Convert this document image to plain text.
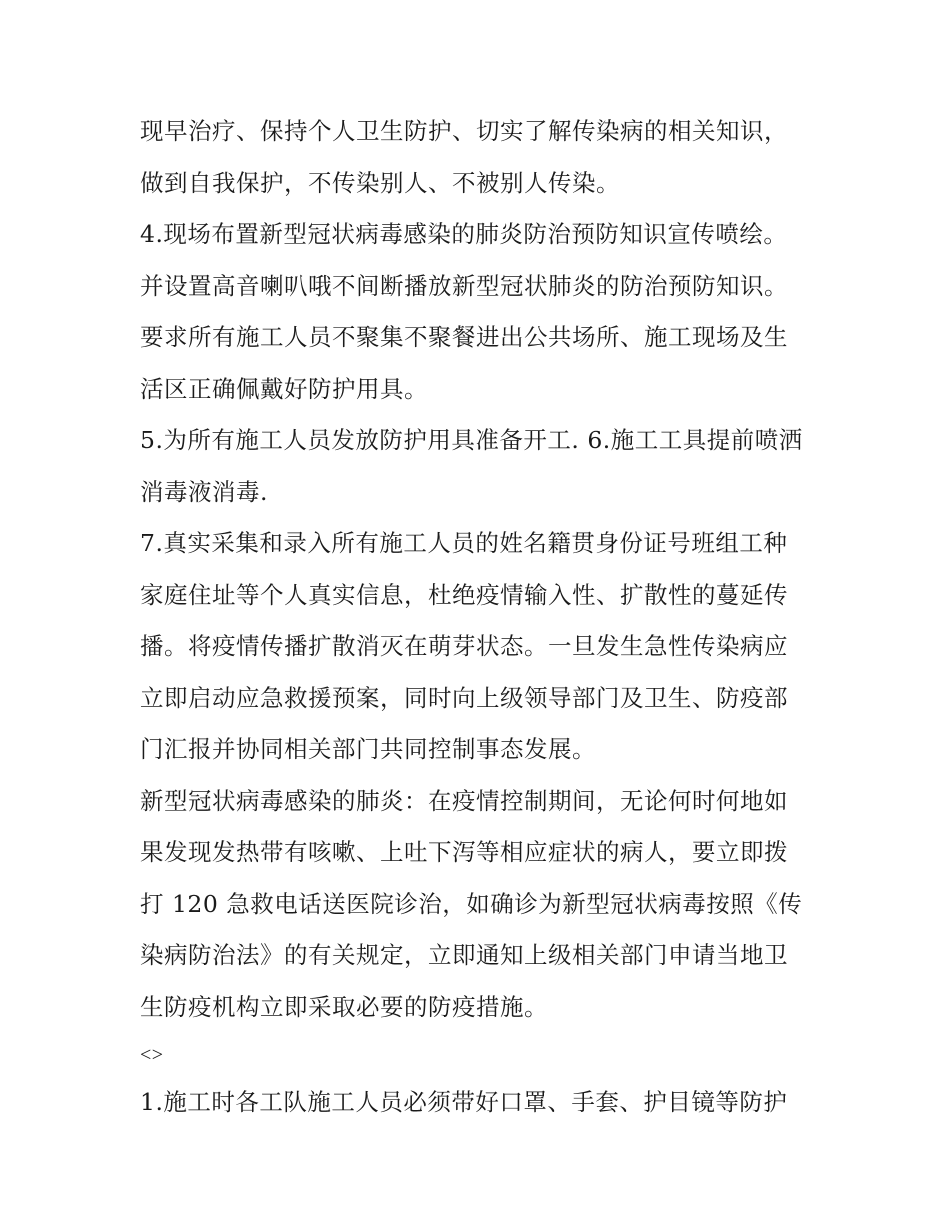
现早治疗、保持个人卫生防护、切实了解传染病的相关知识，
做到自我保护，不传染别人、不被别人传染。
4.现场布置新型冠状病毒感染的肺炎防治预防知识宣传喷绘。
并设置高音喇叭哦不间断播放新型冠状肺炎的防治预防知识。
要求所有施工人员不聚集不聚餐进出公共场所、施工现场及生
活区正确佩戴好防护用具。
5.为所有施工人员发放防护用具准备开工. 6.施工工具提前喷洒
消毒液消毒.
7.真实采集和录入所有施工人员的姓名籍贯身份证号班组工种
家庭住址等个人真实信息，杜绝疫情输入性、扩散性的蔓延传
播。将疫情传播扩散消灭在萌芽状态。一旦发生急性传染病应
立即启动应急救援预案，同时向上级领导部门及卫生、防疫部
门汇报并协同相关部门共同控制事态发展。
新型冠状病毒感染的肺炎：在疫情控制期间，无论何时何地如
果发现发热带有咳嗽、上吐下泻等相应症状的病人，要立即拨
打 120 急救电话送医院诊治，如确诊为新型冠状病毒按照《传
染病防治法》的有关规定，立即通知上级相关部门申请当地卫
生防疫机构立即采取必要的防疫措施。
<>
1.施工时各工队施工人员必须带好口罩、手套、护目镜等防护
